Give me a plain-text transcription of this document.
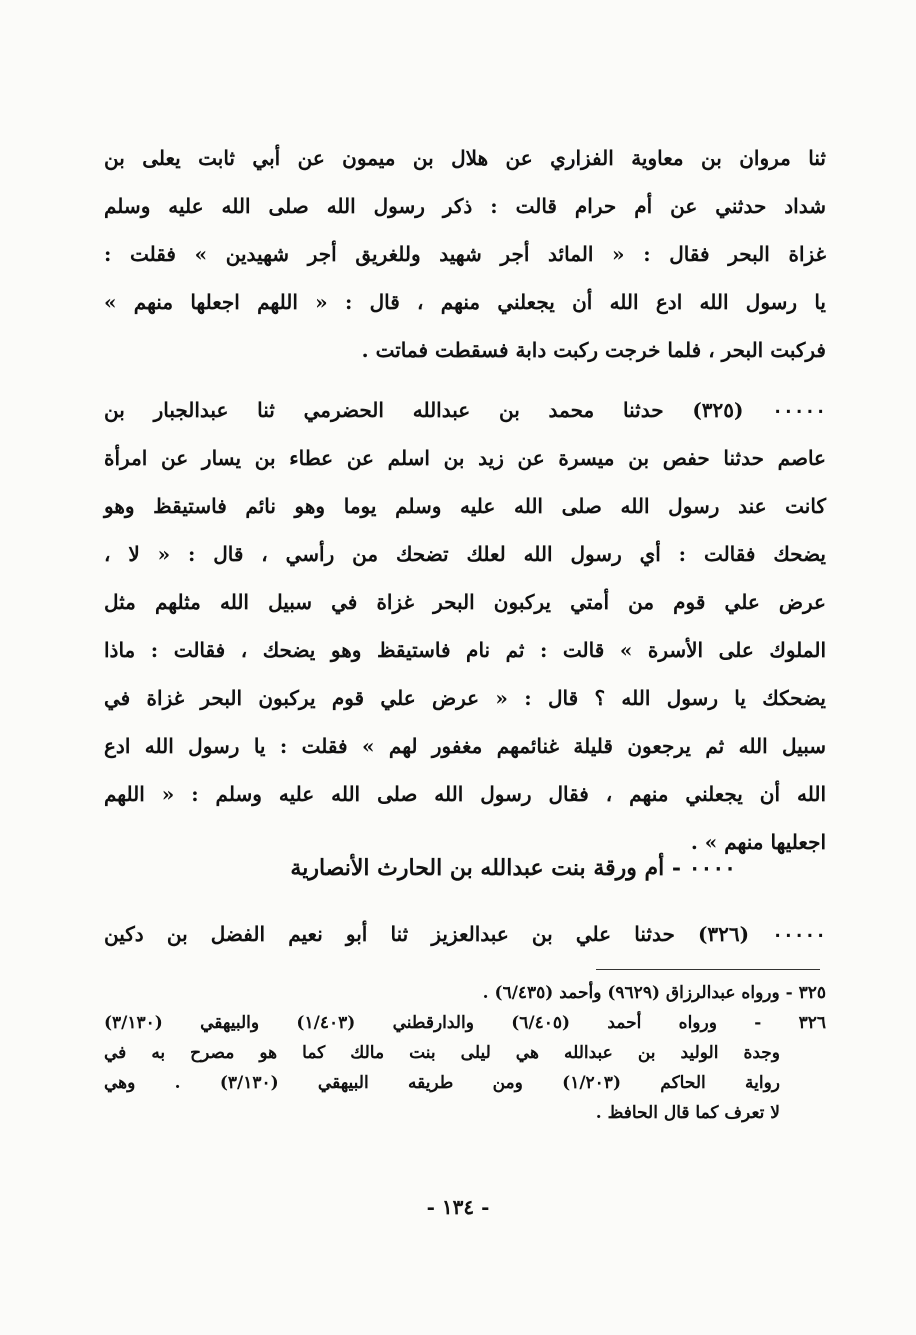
ثنا مروان بن معاوية الفزاري عن هلال بن ميمون عن أبي ثابت يعلى بن
شداد حدثني عن أم حرام قالت : ذكر رسول الله صلى الله عليه وسلم
غزاة البحر فقال : « المائد أجر شهيد وللغريق أجر شهيدين » فقلت :
يا رسول الله ادع الله أن يجعلني منهم ، قال : « اللهم اجعلها منهم »
فركبت البحر ، فلما خرجت ركبت دابة فسقطت فماتت .
٠٠٠٠٠ (٣٢٥) حدثنا محمد بن عبدالله الحضرمي ثنا عبدالجبار بن
عاصم حدثنا حفص بن ميسرة عن زيد بن اسلم عن عطاء بن يسار عن امرأة
كانت عند رسول الله صلى الله عليه وسلم يوما وهو نائم فاستيقظ وهو
يضحك فقالت : أي رسول الله لعلك تضحك من رأسي ، قال : « لا ،
عرض علي قوم من أمتي يركبون البحر غزاة في سبيل الله مثلهم مثل
الملوك على الأسرة » قالت : ثم نام فاستيقظ وهو يضحك ، فقالت : ماذا
يضحكك يا رسول الله ؟ قال : « عرض علي قوم يركبون البحر غزاة في
سبيل الله ثم يرجعون قليلة غنائمهم مغفور لهم » فقلت : يا رسول الله ادع
الله أن يجعلني منهم ، فقال رسول الله صلى الله عليه وسلم : « اللهم
اجعليها منهم » .
٠٠٠٠ - أم ورقة بنت عبدالله بن الحارث الأنصارية
٠٠٠٠٠ (٣٢٦) حدثنا علي بن عبدالعزيز ثنا أبو نعيم الفضل بن دكين
٣٢٥ - ورواه عبدالرزاق (٩٦٢٩) وأحمد (٦/٤٣٥) .
٣٢٦ - ورواه أحمد (٦/٤٠٥) والدارقطني (١/٤٠٣) والبيهقي (٣/١٣٠)
وجدة الوليد بن عبدالله هي ليلى بنت مالك كما هو مصرح به في
رواية الحاكم (١/٢٠٣) ومن طريقه البيهقي (٣/١٣٠) . وهي
لا تعرف كما قال الحافظ .
- ١٣٤ -
